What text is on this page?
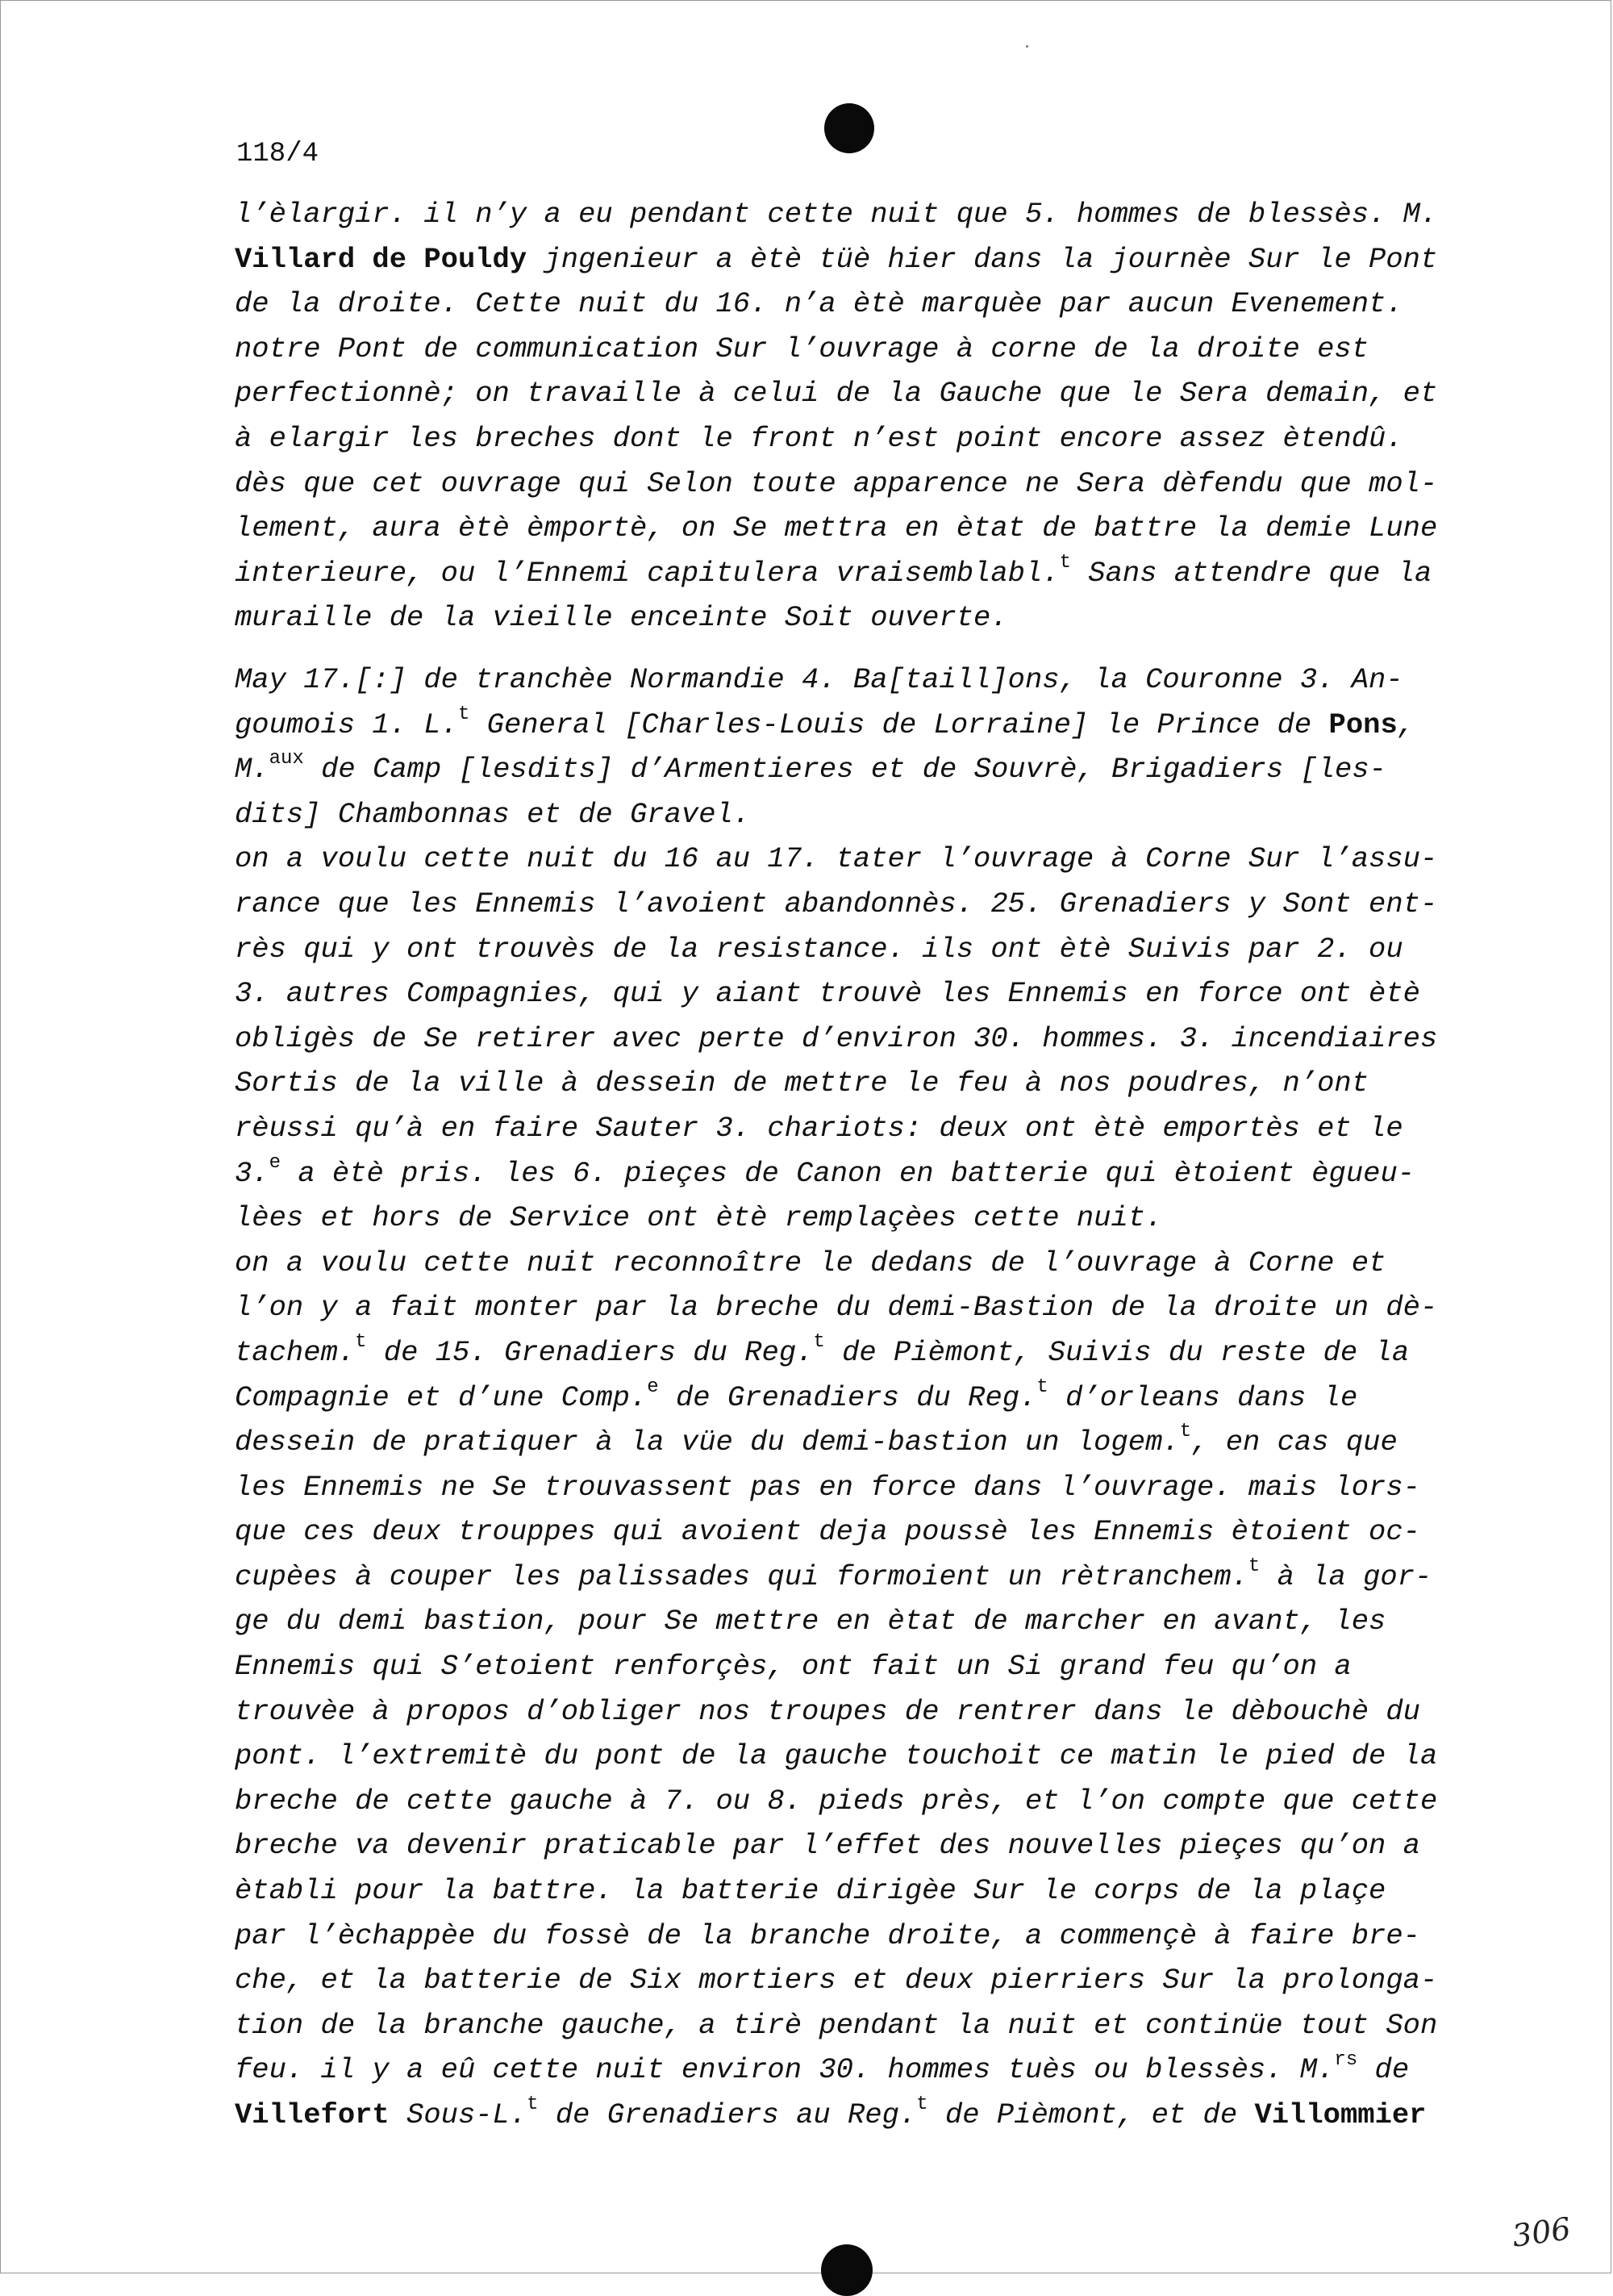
118/4
l’èlargir. il n’y a eu pendant cette nuit que 5. hommes de blessès. M.
Villard de Pouldy jngenieur a ètè tüè hier dans la journèe Sur le Pont
de la droite. Cette nuit du 16. n’a ètè marquèe par aucun Evenement.
notre Pont de communication Sur l’ouvrage à corne de la droite est
perfectionnè; on travaille à celui de la Gauche que le Sera demain, et
à elargir les breches dont le front n’est point encore assez ètendû.
dès que cet ouvrage qui Selon toute apparence ne Sera dèfendu que mol-
lement, aura ètè èmportè, on Se mettra en ètat de battre la demie Lune
interieure, ou l’Ennemi capitulera vraisemblabl.$^t$ Sans attendre que la
muraille de la vieille enceinte Soit ouverte.
May 17.[:] de tranchèe Normandie 4. Ba[taill]ons, la Couronne 3. An-
goumois 1. L.$^t$ General [Charles-Louis de Lorraine] le Prince de Pons,
M.$^{aux}$ de Camp [lesdits] d’Armentieres et de Souvrè, Brigadiers [les-
dits] Chambonnas et de Gravel.
on a voulu cette nuit du 16 au 17. tater l’ouvrage à Corne Sur l’assu-
rance que les Ennemis l’avoient abandonnès. 25. Grenadiers y Sont ent-
rès qui y ont trouvès de la resistance. ils ont ètè Suivis par 2. ou
3. autres Compagnies, qui y aiant trouvè les Ennemis en force ont ètè
obligès de Se retirer avec perte d’environ 30. hommes. 3. incendiaires
Sortis de la ville à dessein de mettre le feu à nos poudres, n’ont
rèussi qu’à en faire Sauter 3. chariots: deux ont ètè emportès et le
3.$^e$ a ètè pris. les 6. pieçes de Canon en batterie qui ètoient ègueu-
lèes et hors de Service ont ètè remplaçèes cette nuit.
on a voulu cette nuit reconnoître le dedans de l’ouvrage à Corne et
l’on y a fait monter par la breche du demi-Bastion de la droite un dè-
tachem.$^t$ de 15. Grenadiers du Reg.$^t$ de Pièmont, Suivis du reste de la
Compagnie et d’une Comp.$^e$ de Grenadiers du Reg.$^t$ d’orleans dans le
dessein de pratiquer à la vüe du demi-bastion un logem.$^t$, en cas que
les Ennemis ne Se trouvassent pas en force dans l’ouvrage. mais lors-
que ces deux trouppes qui avoient deja poussè les Ennemis ètoient oc-
cupèes à couper les palissades qui formoient un rètranchem.$^t$ à la gor-
ge du demi bastion, pour Se mettre en ètat de marcher en avant, les
Ennemis qui S’etoient renforçès, ont fait un Si grand feu qu’on a
trouvèe à propos d’obliger nos troupes de rentrer dans le dèbouchè du
pont. l’extremitè du pont de la gauche touchoit ce matin le pied de la
breche de cette gauche à 7. ou 8. pieds près, et l’on compte que cette
breche va devenir praticable par l’effet des nouvelles pieçes qu’on a
ètabli pour la battre. la batterie dirigèe Sur le corps de la plaçe
par l’èchappèe du fossè de la branche droite, a commençè à faire bre-
che, et la batterie de Six mortiers et deux pierriers Sur la prolonga-
tion de la branche gauche, a tirè pendant la nuit et continüe tout Son
feu. il y a eû cette nuit environ 30. hommes tuès ou blessès. M.$^{rs}$ de
Villefort Sous-L.$^t$ de Grenadiers au Reg.$^t$ de Pièmont, et de Villommier
306
